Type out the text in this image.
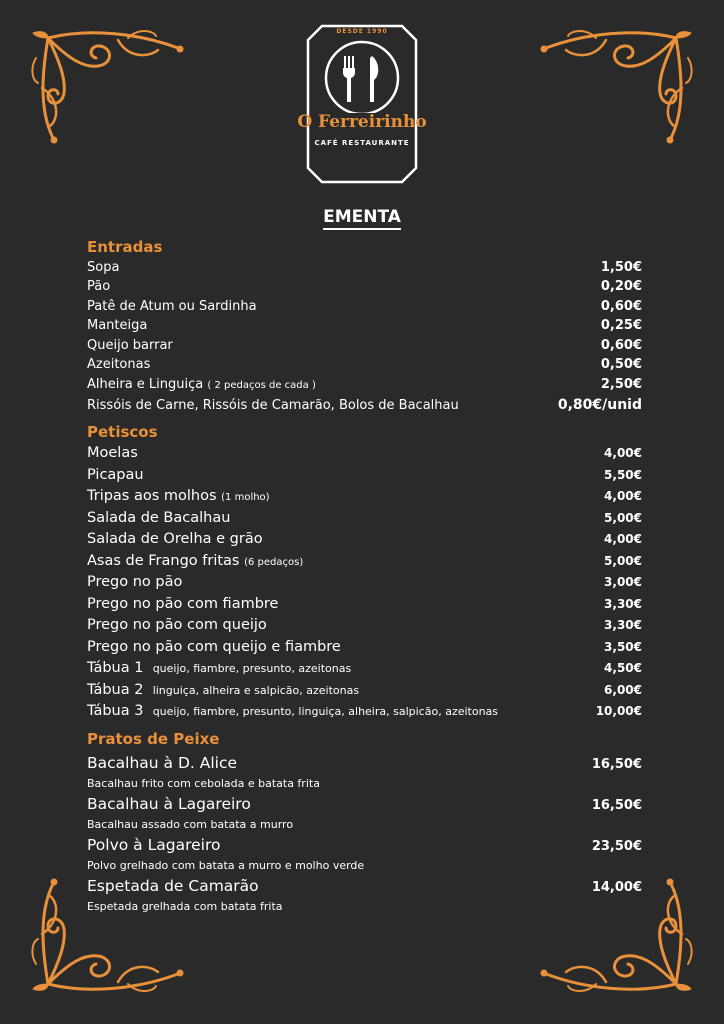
DESDE 1990
O Ferreirinho
CAFÉ RESTAURANTE
EMENTA
Entradas
Sopa	1,50€
Pão	0,20€
Patê de Atum ou Sardinha	0,60€
Manteiga	0,25€
Queijo barrar	0,60€
Azeitonas	0,50€
Alheira e Linguiça ( 2 pedaços de cada )	2,50€
Rissóis de Carne, Rissóis de Camarão, Bolos de Bacalhau	0,80€/unid
Petiscos
Moelas	4,00€
Picapau	5,50€
Tripas aos molhos (1 molho)	4,00€
Salada de Bacalhau	5,00€
Salada de Orelha e grão	4,00€
Asas de Frango fritas (6 pedaços)	5,00€
Prego no pão	3,00€
Prego no pão com fiambre	3,30€
Prego no pão com queijo	3,30€
Prego no pão com queijo e fiambre	3,50€
Tábua 1 queijo, fiambre, presunto, azeitonas	4,50€
Tábua 2 linguiça, alheira e salpicão, azeitonas	6,00€
Tábua 3 queijo, fiambre, presunto, linguiça, alheira, salpicão, azeitonas	10,00€
Pratos de Peixe
Bacalhau à D. Alice	16,50€
Bacalhau frito com cebolada e batata frita
Bacalhau à Lagareiro	16,50€
Bacalhau assado com batata a murro
Polvo à Lagareiro	23,50€
Polvo grelhado com batata a murro e molho verde
Espetada de Camarão	14,00€
Espetada grelhada com batata frita
